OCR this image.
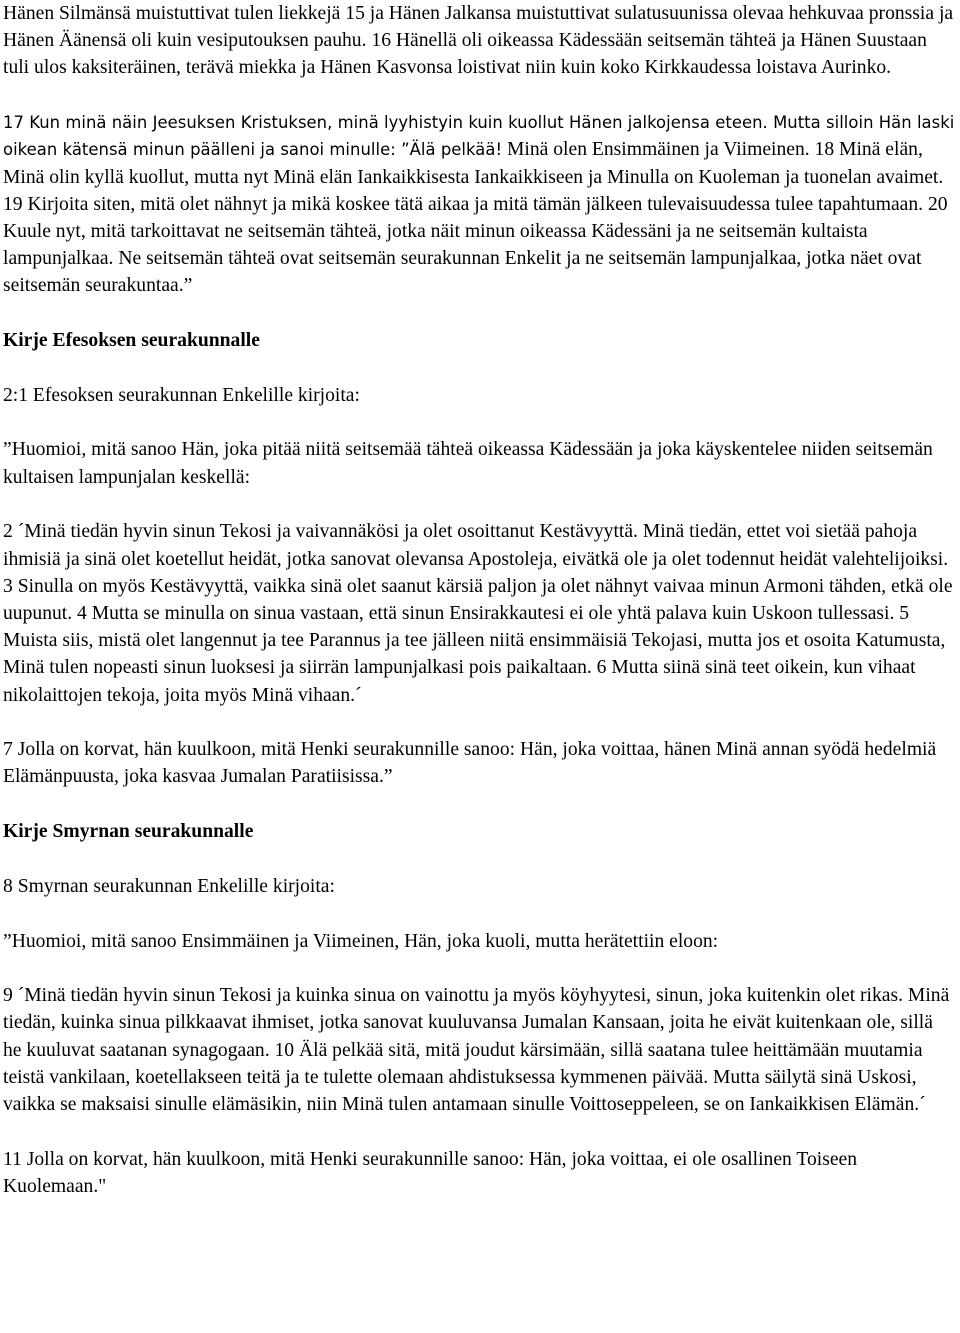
Hänen Silmänsä muistuttivat tulen liekkejä 15 ja Hänen Jalkansa muistuttivat sulatusuunissa olevaa hehkuvaa pronssia ja Hänen Äänensä oli kuin vesiputouksen pauhu. 16 Hänellä oli oikeassa Kädessään seitsemän tähteä ja Hänen Suustaan tuli ulos kaksiteräinen, terävä miekka ja Hänen Kasvonsa loistivat niin kuin koko Kirkkaudessa loistava Aurinko.

17 Kun minä näin Jeesuksen Kristuksen, minä lyyhistyin kuin kuollut Hänen jalkojensa eteen. Mutta silloin Hän laski oikean kätensä minun päälleni ja sanoi minulle: ”Älä pelkää! Minä olen Ensimmäinen ja Viimeinen. 18 Minä elän, Minä olin kyllä kuollut, mutta nyt Minä elän Iankaikkisesta Iankaikkiseen ja Minulla on Kuoleman ja tuonelan avaimet. 19 Kirjoita siten, mitä olet nähnyt ja mikä koskee tätä aikaa ja mitä tämän jälkeen tulevaisuudessa tulee tapahtumaan. 20 Kuule nyt, mitä tarkoittavat ne seitsemän tähteä, jotka näit minun oikeassa Kädessäni ja ne seitsemän kultaista lampunjalkaa. Ne seitsemän tähteä ovat seitsemän seurakunnan Enkelit ja ne seitsemän lampunjalkaa, jotka näet ovat seitsemän seurakuntaa.”

Kirje Efesoksen seurakunnalle

2:1 Efesoksen seurakunnan Enkelille kirjoita:

”Huomioi, mitä sanoo Hän, joka pitää niitä seitsemää tähteä oikeassa Kädessään ja joka käyskentelee niiden seitsemän kultaisen lampunjalan keskellä:

2 ´Minä tiedän hyvin sinun Tekosi ja vaivannäkösi ja olet osoittanut Kestävyyttä. Minä tiedän, ettet voi sietää pahoja ihmisiä ja sinä olet koetellut heidät, jotka sanovat olevansa Apostoleja, eivätkä ole ja olet todennut heidät valehtelijoiksi. 3 Sinulla on myös Kestävyyttä, vaikka sinä olet saanut kärsiä paljon ja olet nähnyt vaivaa minun Armoni tähden, etkä ole uupunut. 4 Mutta se minulla on sinua vastaan, että sinun Ensirakkautesi ei ole yhtä palava kuin Uskoon tullessasi. 5 Muista siis, mistä olet langennut ja tee Parannus ja tee jälleen niitä ensimmäisiä Tekojasi, mutta jos et osoita Katumusta, Minä tulen nopeasti sinun luoksesi ja siirrän lampunjalkasi pois paikaltaan. 6 Mutta siinä sinä teet oikein, kun vihaat nikolaittojen tekoja, joita myös Minä vihaan.´

7 Jolla on korvat, hän kuulkoon, mitä Henki seurakunnille sanoo: Hän, joka voittaa, hänen Minä annan syödä hedelmiä Elämänpuusta, joka kasvaa Jumalan Paratiisissa.”

Kirje Smyrnan seurakunnalle

8 Smyrnan seurakunnan Enkelille kirjoita:

”Huomioi, mitä sanoo Ensimmäinen ja Viimeinen, Hän, joka kuoli, mutta herätettiin eloon:

9 ´Minä tiedän hyvin sinun Tekosi ja kuinka sinua on vainottu ja myös köyhyytesi, sinun, joka kuitenkin olet rikas. Minä tiedän, kuinka sinua pilkkaavat ihmiset, jotka sanovat kuuluvansa Jumalan Kansaan, joita he eivät kuitenkaan ole, sillä he kuuluvat saatanan synagogaan. 10 Älä pelkää sitä, mitä joudut kärsimään, sillä saatana tulee heittämään muutamia teistä vankilaan, koetellakseen teitä ja te tulette olemaan ahdistuksessa kymmenen päivää. Mutta säilytä sinä Uskosi, vaikka se maksaisi sinulle elämäsikin, niin Minä tulen antamaan sinulle Voittoseppeleen, se on Iankaikkisen Elämän.´

11 Jolla on korvat, hän kuulkoon, mitä Henki seurakunnille sanoo: Hän, joka voittaa, ei ole osallinen Toiseen Kuolemaan."
